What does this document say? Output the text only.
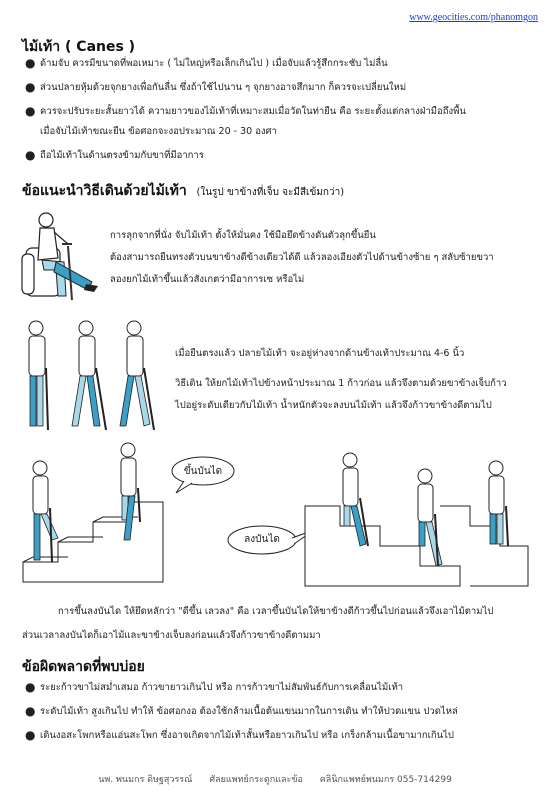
www.geocities.com/phanomgon
ไม้เท้า ( Canes )
● ด้ามจับ ควรมีขนาดที่พอเหมาะ ( ไม่ใหญ่หรือเล็กเกินไป ) เมื่อจับแล้วรู้สึกกระชับ ไม่ลื่น
● ส่วนปลายหุ้มด้วยจุกยางเพื่อกันลื่น ซึ่งถ้าใช้ไปนาน ๆ จุกยางอาจสึกมาก ก็ควรจะเปลี่ยนใหม่
● ควรจะปรับระยะสั้นยาวได้ ความยาวของไม้เท้าที่เหมาะสมเมื่อวัดในท่ายืน คือ ระยะตั้งแต่กลางฝ่ามือถึงพื้น
เมื่อจับไม้เท้าขณะยืน ข้อศอกจะงอประมาณ 20 - 30 องศา
● ถือไม้เท้าในด้านตรงข้ามกับขาที่มีอาการ
ข้อแนะนำวิธีเดินด้วยไม้เท้า (ในรูป ขาข้างที่เจ็บ จะมีสีเข้มกว่า)
การลุกจากที่นั่ง จับไม้เท้า ตั้งให้มั่นคง ใช้มือยึดข้างดันตัวลุกขึ้นยืน
ต้องสามารถยืนทรงตัวบนขาข้างดีข้างเดียวได้ดี แล้วลองเอียงตัวไปด้านข้างซ้าย ๆ สลับซ้ายขวา
ลองยกไม้เท้าขึ้นแล้วสังเกตว่ามีอาการเซ หรือไม่
เมื่อยืนตรงแล้ว ปลายไม้เท้า จะอยู่ห่างจากด้านข้างเท้าประมาณ 4-6 นิ้ว
วิธีเดิน ให้ยกไม้เท้าไปข้างหน้าประมาณ 1 ก้าวก่อน แล้วจึงตามด้วยขาข้างเจ็บก้าว
ไปอยู่ระดับเดียวกับไม้เท้า น้ำหนักตัวจะลงบนไม้เท้า แล้วจึงก้าวขาข้างดีตามไป
ขึ้นบันได
ลงบันได
การขึ้นลงบันได ให้ยึดหลักว่า "ดีขึ้น เลวลง" คือ เวลาขึ้นบันไดให้ขาข้างดีก้าวขึ้นไปก่อนแล้วจึงเอาไม้ตามไป
ส่วนเวลาลงบันไดก็เอาไม้และขาข้างเจ็บลงก่อนแล้วจึงก้าวขาข้างดีตามมา
ข้อผิดพลาดที่พบบ่อย
● ระยะก้าวขาไม่สม่ำเสมอ ก้าวขายาวเกินไป หรือ การก้าวขาไม่สัมพันธ์กับการเคลื่อนไม้เท้า
● ระดับไม้เท้า สูงเกินไป ทำให้ ข้อศอกงอ ต้องใช้กล้ามเนื้อต้นแขนมากในการเดิน ทำให้ปวดแขน ปวดไหล่
● เดินงอสะโพกหรือแอ่นสะโพก ซึ่งอาจเกิดจากไม้เท้าสั้นหรือยาวเกินไป หรือ เกร็งกล้ามเนื้อขามากเกินไป
นพ. พนมกร ดิษฐสุวรรณ์ ศัลยแพทย์กระดูกและข้อ คลินิกแพทย์พนมกร 055-714299
